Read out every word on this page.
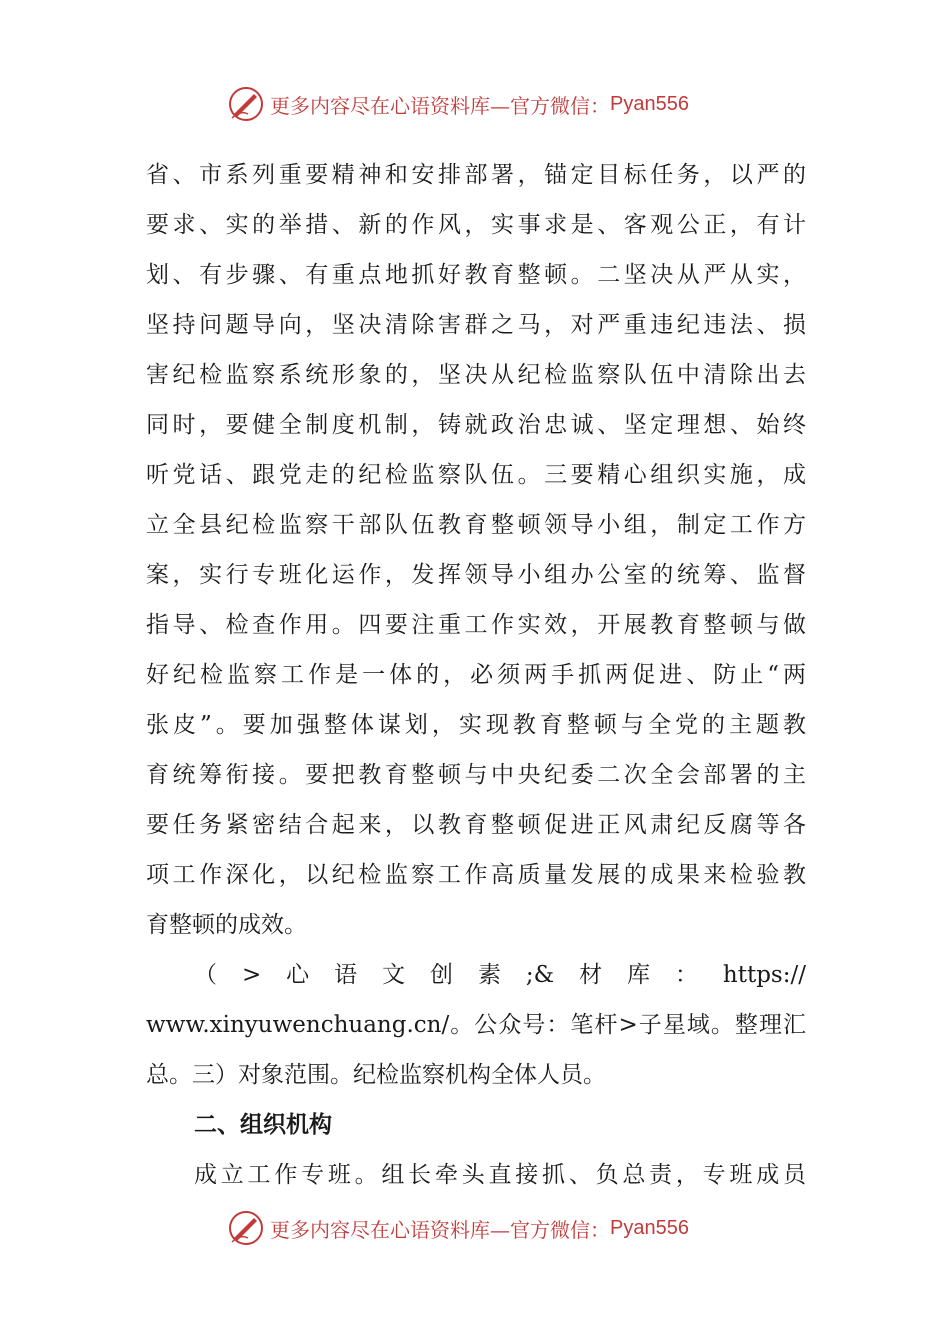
更多内容尽在心语资料库—官方微信： Pyan556
省、市系列重要精神和安排部署，锚定目标任务，以严的
要求、实的举措、新的作风，实事求是、客观公正，有计
划、有步骤、有重点地抓好教育整顿。二坚决从严从实，
坚持问题导向，坚决清除害群之马，对严重违纪违法、损
害纪检监察系统形象的，坚决从纪检监察队伍中清除出去
同时，要健全制度机制，铸就政治忠诚、坚定理想、始终
听党话、跟党走的纪检监察队伍。三要精心组织实施，成
立全县纪检监察干部队伍教育整顿领导小组，制定工作方
案，实行专班化运作，发挥领导小组办公室的统筹、监督
指导、检查作用。四要注重工作实效，开展教育整顿与做
好纪检监察工作是一体的，必须两手抓两促进、防止“两
张皮”。要加强整体谋划，实现教育整顿与全党的主题教
育统筹衔接。要把教育整顿与中央纪委二次全会部署的主
要任务紧密结合起来，以教育整顿促进正风肃纪反腐等各
项工作深化，以纪检监察工作高质量发展的成果来检验教
育整顿的成效。
（>心语文创素;&材库：https://
www.xinyuwenchuang.cn/。公众号：笔杆>子星域。整理汇
总。三）对象范围。纪检监察机构全体人员。
二、组织机构
成立工作专班。组长牵头直接抓、负总责，专班成员
更多内容尽在心语资料库—官方微信： Pyan556
